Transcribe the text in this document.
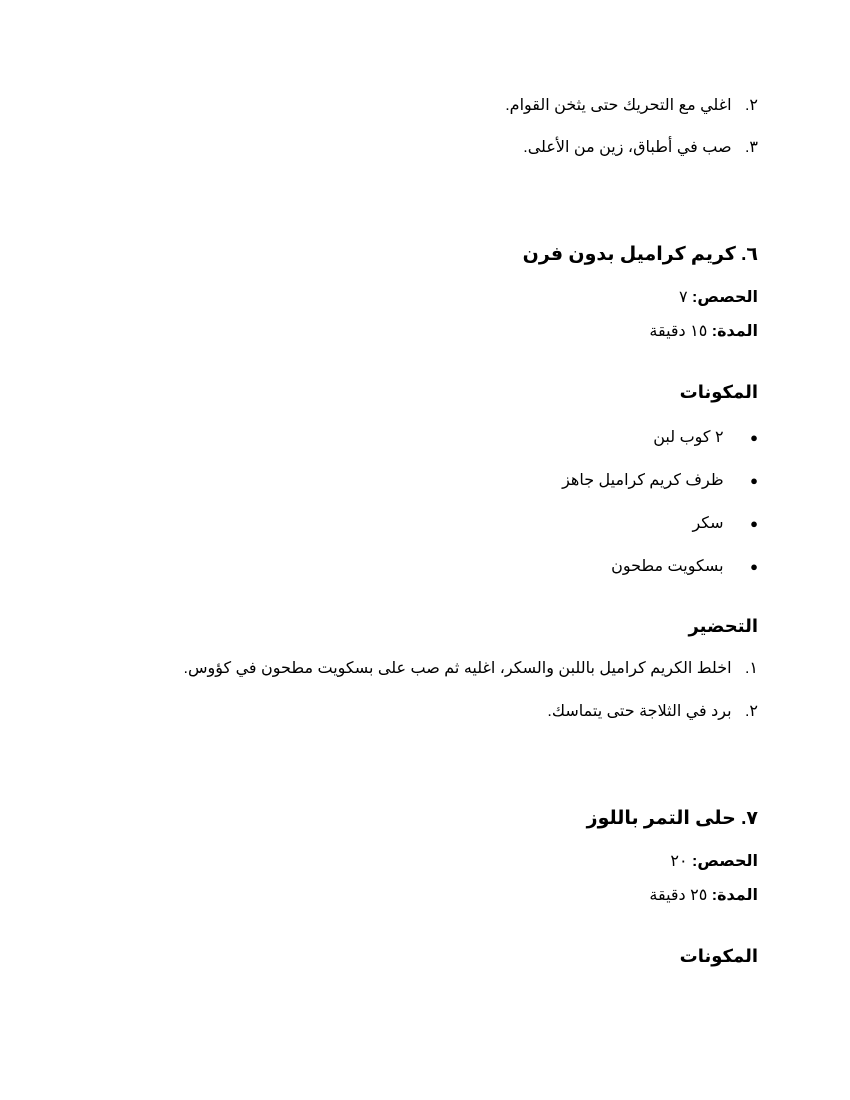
٢. اغلي مع التحريك حتى يثخن القوام.
٣. صب في أطباق، زين من الأعلى.
٦. كريم كراميل بدون فرن
الحصص: ٧
المدة: ١٥ دقيقة
المكونات
● ٢ كوب لبن
● ظرف كريم كراميل جاهز
● سكر
● بسكويت مطحون
التحضير
١. اخلط الكريم كراميل باللبن والسكر، اغليه ثم صب على بسكويت مطحون في كؤوس.
٢. برد في الثلاجة حتى يتماسك.
٧. حلى التمر باللوز
الحصص: ٢٠
المدة: ٢٥ دقيقة
المكونات
